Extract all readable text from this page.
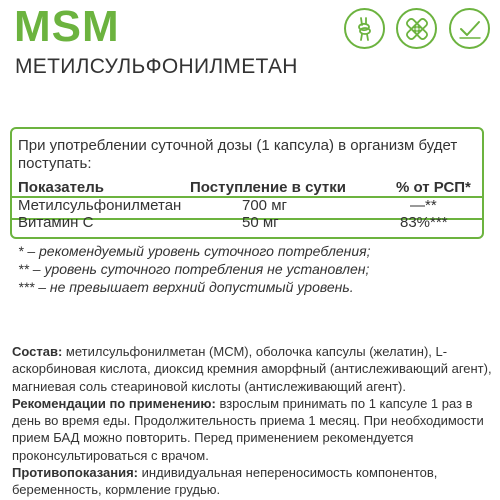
MSM
МЕТИЛСУЛЬФОНИЛМЕТАН
При употреблении суточной дозы (1 капсула) в организм будет поступать:
Показатель	Поступление в сутки	% от РСП*
Метилсульфонилметан	700 мг	—**
Витамин С	50 мг	83%***
* – рекомендуемый уровень суточного потребления;
** – уровень суточного потребления не установлен;
*** – не превышает верхний допустимый уровень.

Состав: метилсульфонилметан (МСМ), оболочка капсулы (желатин), L-аскорбиновая кислота, диоксид кремния аморфный (антислеживающий агент), магниевая соль стеариновой кислоты (антислеживающий агент).

Рекомендации по применению: взрослым принимать по 1 капсуле 1 раз в день во время еды. Продолжительность приема 1 месяц. При необходимости прием БАД можно повторить. Перед применением рекомендуется проконсультироваться с врачом.

Противопоказания: индивидуальная непереносимость компонентов, беременность, кормление грудью.
